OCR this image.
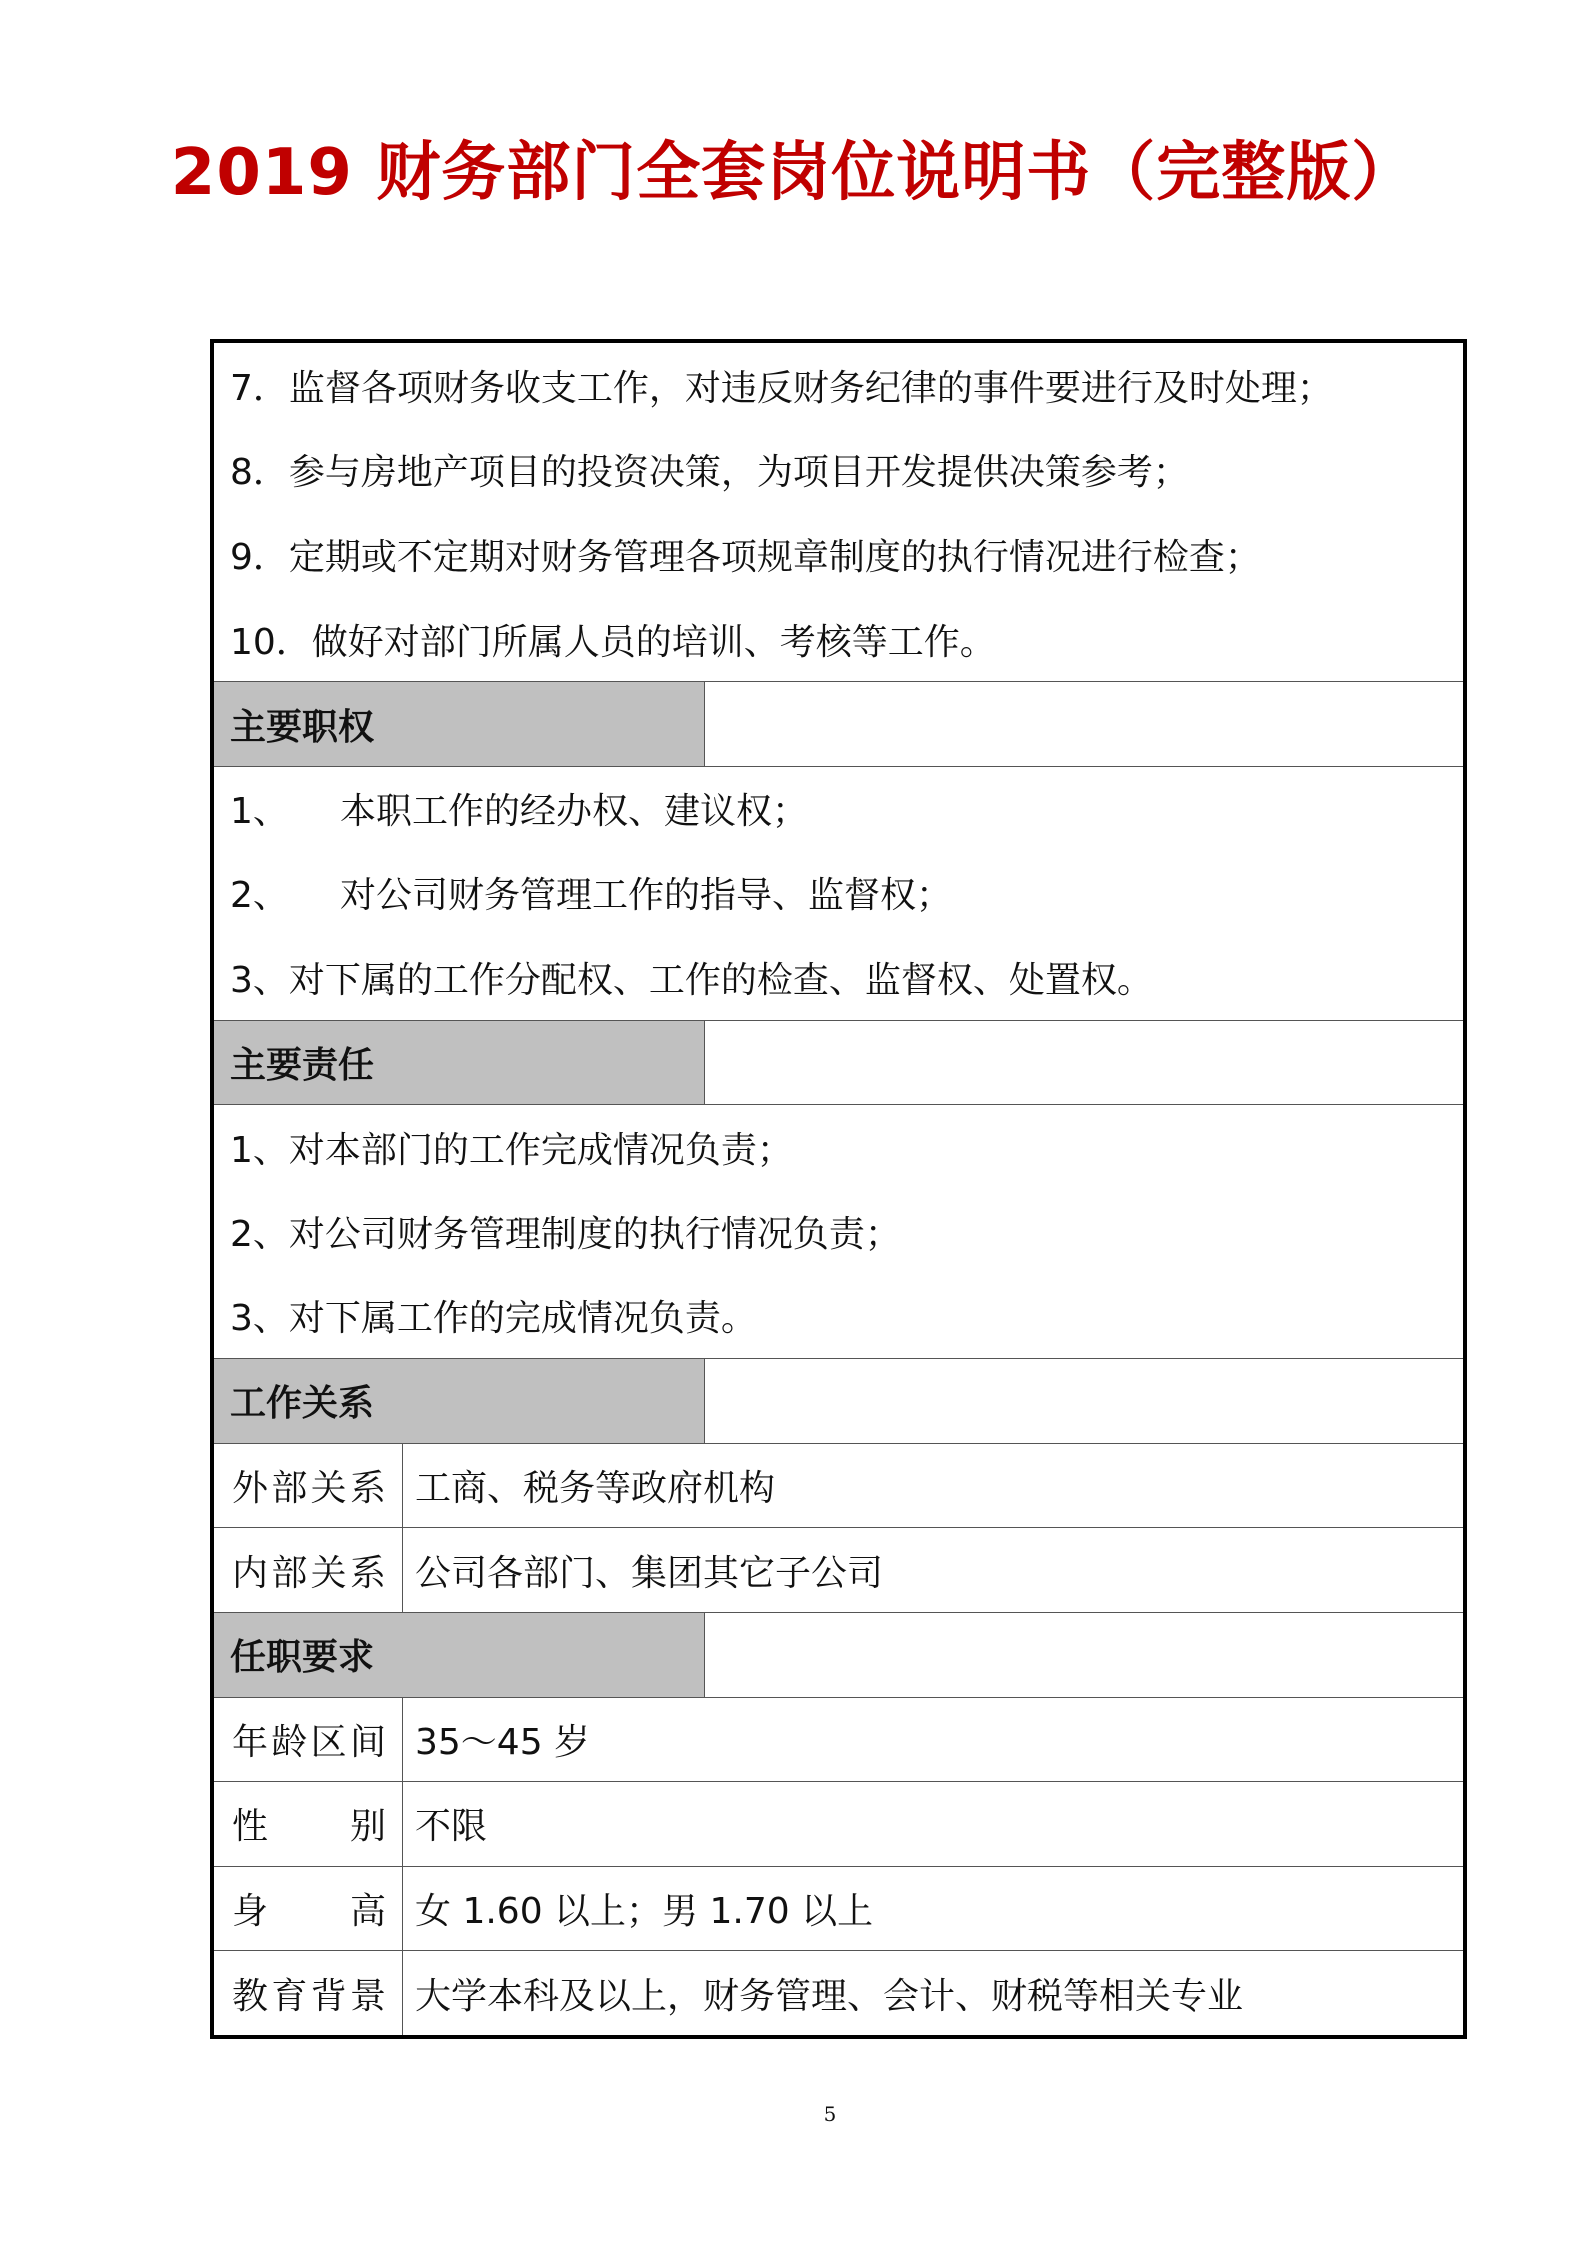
2019 财务部门全套岗位说明书（完整版）
7．监督各项财务收支工作，对违反财务纪律的事件要进行及时处理；
8．参与房地产项目的投资决策，为项目开发提供决策参考；
9．定期或不定期对财务管理各项规章制度的执行情况进行检查；
10．做好对部门所属人员的培训、考核等工作。
主要职权
1、 本职工作的经办权、建议权；
2、 对公司财务管理工作的指导、监督权；
3、对下属的工作分配权、工作的检查、监督权、处置权。
主要责任
1、对本部门的工作完成情况负责；
2、对公司财务管理制度的执行情况负责；
3、对下属工作的完成情况负责。
工作关系
外部关系 工商、税务等政府机构
内部关系 公司各部门、集团其它子公司
任职要求
年龄区间 35～45 岁
性别 不限
身高 女 1.60 以上；男 1.70 以上
教育背景 大学本科及以上，财务管理、会计、财税等相关专业
5
